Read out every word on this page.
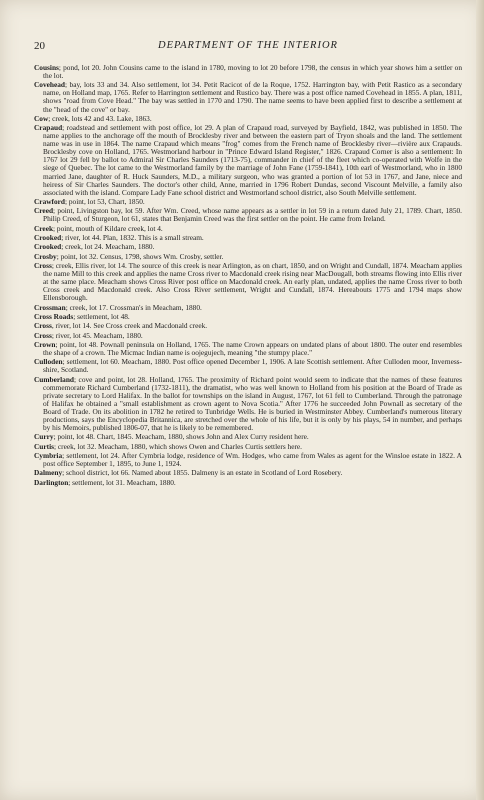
20	DEPARTMENT OF THE INTERIOR

Cousins; pond, lot 20. John Cousins came to the island in 1780, moving to lot 20 before 1798, the census in which year shows him a settler on the lot.

Covehead; bay, lots 33 and 34. Also settlement, lot 34. Petit Racicot of de la Roque, 1752. Harrington bay, with Petit Rastico as a secondary name, on Holland map, 1765. Refer to Harrington settlement and Rustico bay. There was a post office named Covehead in 1855. A plan, 1811, shows "road from Cove Head." The bay was settled in 1770 and 1790. The name seems to have been applied first to describe a settlement at the "head of the cove" or bay.

Cow; creek, lots 42 and 43. Lake, 1863.

Crapaud; roadstead and settlement with post office, lot 29. A plan of Crapaud road, surveyed by Bayfield, 1842, was published in 1850. The name applies to the anchorage off the mouth of Brocklesby river and between the eastern part of Tryon shoals and the land. The settlement name was in use in 1864. The name Crapaud which means "frog" comes from the French name of Brocklesby river—rivière aux Crapauds. Brocklesby cove on Holland, 1765. Westmorland harbour in "Prince Edward Island Register," 1826. Crapaud Corner is also a settlement: In 1767 lot 29 fell by ballot to Admiral Sir Charles Saunders (1713-75), commander in chief of the fleet which co-operated with Wolfe in the siege of Quebec. The lot came to the Westmorland family by the marriage of John Fane (1759-1841), 10th earl of Westmorland, who in 1800 married Jane, daughter of R. Huck Saunders, M.D., a military surgeon, who was granted a portion of lot 53 in 1767, and Jane, niece and heiress of Sir Charles Saunders. The doctor's other child, Anne, married in 1796 Robert Dundas, second Viscount Melville, a family also associated with the island. Compare Lady Fane school district and Westmorland school district, also South Melville settlement.

Crawford; point, lot 53, Chart, 1850.

Creed; point, Livingston bay, lot 59. After Wm. Creed, whose name appears as a settler in lot 59 in a return dated July 21, 1789. Chart, 1850. Philip Creed, of Sturgeon, lot 61, states that Benjamin Creed was the first settler on the point. He came from Ireland.

Creek; point, mouth of Kildare creek, lot 4.

Crooked; river, lot 44. Plan, 1832. This is a small stream.

Crooked; creek, lot 24. Meacham, 1880.

Crosby; point, lot 32. Census, 1798, shows Wm. Crosby, settler.

Cross; creek, Ellis river, lot 14. The source of this creek is near Arlington, as on chart, 1850, and on Wright and Cundall, 1874. Meacham applies the name Mill to this creek and applies the name Cross river to Macdonald creek rising near MacDougall, both streams flowing into Ellis river at the same place. Meacham shows Cross River post office on Macdonald creek. An early plan, undated, applies the name Cross river to both Cross creek and Macdonald creek. Also Cross River settlement, Wright and Cundall, 1874. Hereabouts 1775 and 1794 maps show Ellensborough.

Crossman; creek, lot 17. Crossman's in Meacham, 1880.

Cross Roads; settlement, lot 48.

Cross, river, lot 14. See Cross creek and Macdonald creek.

Cross; river, lot 45. Meacham, 1880.

Crown; point, lot 48. Pownall peninsula on Holland, 1765. The name Crown appears on undated plans of about 1800. The outer end resembles the shape of a crown. The Micmac Indian name is oojegujech, meaning "the stumpy place."

Culloden; settlement, lot 60. Meacham, 1880. Post office opened December 1, 1906. A late Scottish settlement. After Culloden moor, Inverness-shire, Scotland.

Cumberland; cove and point, lot 28. Holland, 1765. The proximity of Richard point would seem to indicate that the names of these features commemorate Richard Cumberland (1732-1811), the dramatist, who was well known to Holland from his position at the Board of Trade as private secretary to Lord Halifax. In the ballot for townships on the island in August, 1767, lot 61 fell to Cumberland. Through the patronage of Halifax he obtained a "small establishment as crown agent to Nova Scotia." After 1776 he succeeded John Pownall as secretary of the Board of Trade. On its abolition in 1782 he retired to Tunbridge Wells. He is buried in Westminster Abbey. Cumberland's numerous literary productions, says the Encyclopedia Britannica, are stretched over the whole of his life, but it is only by his plays, 54 in number, and perhaps by his Memoirs, published 1806-07, that he is likely to be remembered.

Curry; point, lot 48. Chart, 1845. Meacham, 1880, shows John and Alex Curry resident here.

Curtis; creek, lot 32. Meacham, 1880, which shows Owen and Charles Curtis settlers here.

Cymbria; settlement, lot 24. After Cymbria lodge, residence of Wm. Hodges, who came from Wales as agent for the Winsloe estate in 1822. A post office September 1, 1895, to June 1, 1924.

Dalmeny; school district, lot 66. Named about 1855. Dalmeny is an estate in Scotland of Lord Rosebery.

Darlington; settlement, lot 31. Meacham, 1880.
